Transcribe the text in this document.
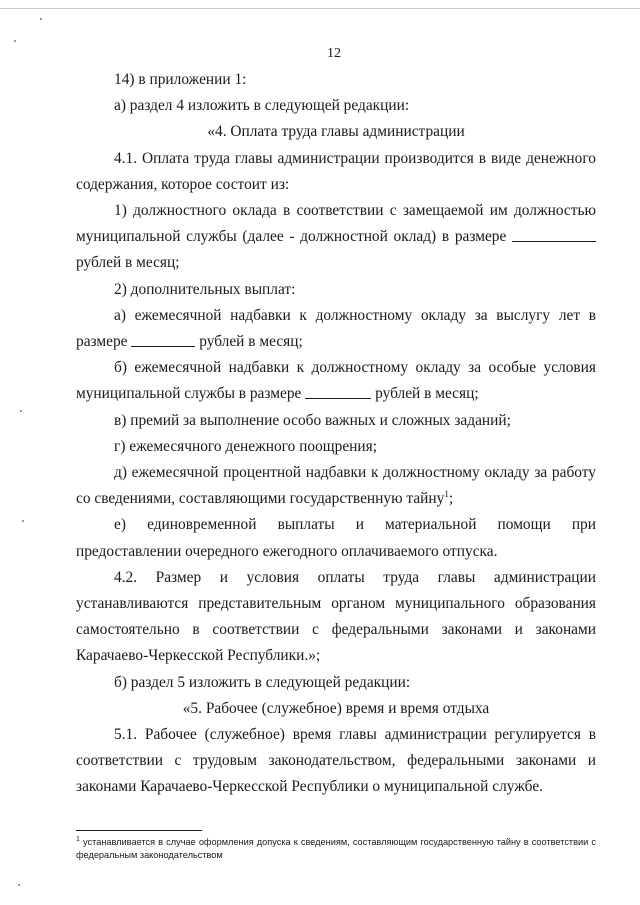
12

14) в приложении 1:

а) раздел 4 изложить в следующей редакции:

«4. Оплата труда главы администрации

4.1. Оплата труда главы администрации производится в виде денежного содержания, которое состоит из:

1) должностного оклада в соответствии с замещаемой им должностью муниципальной службы (далее - должностной оклад) в размере  рублей в месяц;

2) дополнительных выплат:

а) ежемесячной надбавки к должностному окладу за выслугу лет в размере	рублей в месяц;

б) ежемесячной надбавки к должностному окладу за особые условия муниципальной службы в размере	рублей в месяц;

в) премий за выполнение особо важных и сложных заданий;

г) ежемесячного денежного поощрения;

д) ежемесячной процентной надбавки к должностному окладу за работу со сведениями, составляющими государственную тайну$^1$;

е) единовременной выплаты и материальной помощи при предоставлении очередного ежегодного оплачиваемого отпуска.

4.2. Размер и условия оплаты труда главы администрации устанавливаются представительным органом муниципального образования самостоятельно в соответствии с федеральными законами и законами Карачаево-Черкесской Республики.»;

б) раздел 5 изложить в следующей редакции:

«5. Рабочее (служебное) время и время отдыха

5.1. Рабочее (служебное) время главы администрации регулируется в соответствии с трудовым законодательством, федеральными законами и законами Карачаево-Черкесской Республики о муниципальной службе.

$^1$ устанавливается в случае оформления допуска к сведениям, составляющим государственную тайну в соответствии с федеральным законодательством
